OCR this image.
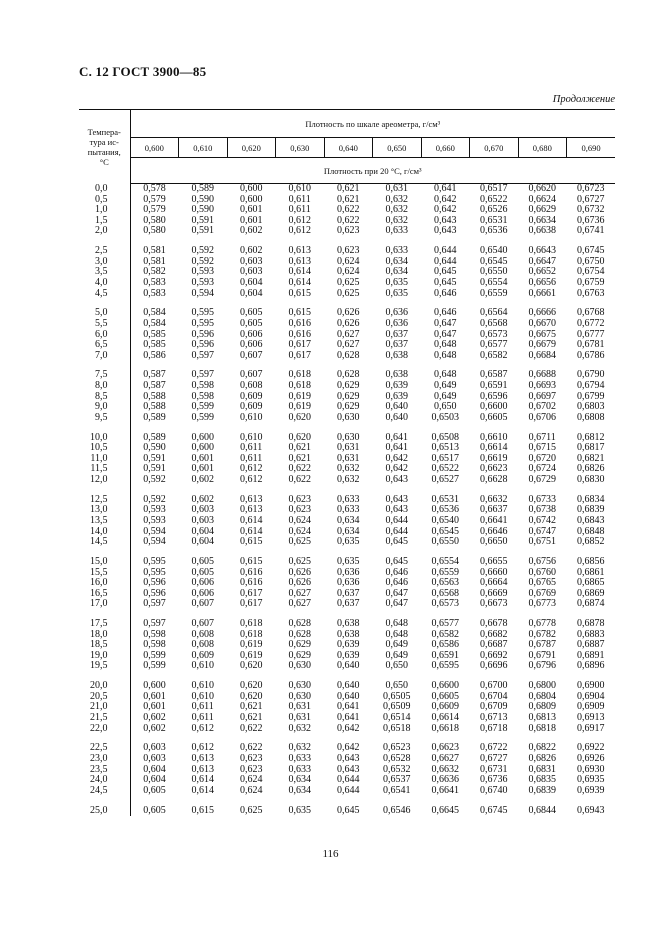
С. 12 ГОСТ 3900—85
Продолжение
Темпера-
тура ис-
пытания,
°С	Плотность по шкале ареометра, г/см³									
	0,600	0,610	0,620	0,630	0,640	0,650	0,660	0,670	0,680	0,690
	Плотность при 20 °С, г/см³									
0,0	0,578	0,589	0,600	0,610	0,621	0,631	0,641	0,6517	0,6620	0,6723
0,5	0,579	0,590	0,600	0,611	0,621	0,632	0,642	0,6522	0,6624	0,6727
1,0	0,579	0,590	0,601	0,611	0,622	0,632	0,642	0,6526	0,6629	0,6732
1,5	0,580	0,591	0,601	0,612	0,622	0,632	0,643	0,6531	0,6634	0,6736
2,0	0,580	0,591	0,602	0,612	0,623	0,633	0,643	0,6536	0,6638	0,6741

2,5	0,581	0,592	0,602	0,613	0,623	0,633	0,644	0,6540	0,6643	0,6745
3,0	0,581	0,592	0,603	0,613	0,624	0,634	0,644	0,6545	0,6647	0,6750
3,5	0,582	0,593	0,603	0,614	0,624	0,634	0,645	0,6550	0,6652	0,6754
4,0	0,583	0,593	0,604	0,614	0,625	0,635	0,645	0,6554	0,6656	0,6759
4,5	0,583	0,594	0,604	0,615	0,625	0,635	0,646	0,6559	0,6661	0,6763

5,0	0,584	0,595	0,605	0,615	0,626	0,636	0,646	0,6564	0,6666	0,6768
5,5	0,584	0,595	0,605	0,616	0,626	0,636	0,647	0,6568	0,6670	0,6772
6,0	0,585	0,596	0,606	0,616	0,627	0,637	0,647	0,6573	0,6675	0,6777
6,5	0,585	0,596	0,606	0,617	0,627	0,637	0,648	0,6577	0,6679	0,6781
7,0	0,586	0,597	0,607	0,617	0,628	0,638	0,648	0,6582	0,6684	0,6786

7,5	0,587	0,597	0,607	0,618	0,628	0,638	0,648	0,6587	0,6688	0,6790
8,0	0,587	0,598	0,608	0,618	0,629	0,639	0,649	0,6591	0,6693	0,6794
8,5	0,588	0,598	0,609	0,619	0,629	0,639	0,649	0,6596	0,6697	0,6799
9,0	0,588	0,599	0,609	0,619	0,629	0,640	0,650	0,6600	0,6702	0,6803
9,5	0,589	0,599	0,610	0,620	0,630	0,640	0,6503	0,6605	0,6706	0,6808

10,0	0,589	0,600	0,610	0,620	0,630	0,641	0,6508	0,6610	0,6711	0,6812
10,5	0,590	0,600	0,611	0,621	0,631	0,641	0,6513	0,6614	0,6715	0,6817
11,0	0,591	0,601	0,611	0,621	0,631	0,642	0,6517	0,6619	0,6720	0,6821
11,5	0,591	0,601	0,612	0,622	0,632	0,642	0,6522	0,6623	0,6724	0,6826
12,0	0,592	0,602	0,612	0,622	0,632	0,643	0,6527	0,6628	0,6729	0,6830

12,5	0,592	0,602	0,613	0,623	0,633	0,643	0,6531	0,6632	0,6733	0,6834
13,0	0,593	0,603	0,613	0,623	0,633	0,643	0,6536	0,6637	0,6738	0,6839
13,5	0,593	0,603	0,614	0,624	0,634	0,644	0,6540	0,6641	0,6742	0,6843
14,0	0,594	0,604	0,614	0,624	0,634	0,644	0,6545	0,6646	0,6747	0,6848
14,5	0,594	0,604	0,615	0,625	0,635	0,645	0,6550	0,6650	0,6751	0,6852

15,0	0,595	0,605	0,615	0,625	0,635	0,645	0,6554	0,6655	0,6756	0,6856
15,5	0,595	0,605	0,616	0,626	0,636	0,646	0,6559	0,6660	0,6760	0,6861
16,0	0,596	0,606	0,616	0,626	0,636	0,646	0,6563	0,6664	0,6765	0,6865
16,5	0,596	0,606	0,617	0,627	0,637	0,647	0,6568	0,6669	0,6769	0,6869
17,0	0,597	0,607	0,617	0,627	0,637	0,647	0,6573	0,6673	0,6773	0,6874

17,5	0,597	0,607	0,618	0,628	0,638	0,648	0,6577	0,6678	0,6778	0,6878
18,0	0,598	0,608	0,618	0,628	0,638	0,648	0,6582	0,6682	0,6782	0,6883
18,5	0,598	0,608	0,619	0,629	0,639	0,649	0,6586	0,6687	0,6787	0,6887
19,0	0,599	0,609	0,619	0,629	0,639	0,649	0,6591	0,6692	0,6791	0,6891
19,5	0,599	0,610	0,620	0,630	0,640	0,650	0,6595	0,6696	0,6796	0,6896

20,0	0,600	0,610	0,620	0,630	0,640	0,650	0,6600	0,6700	0,6800	0,6900
20,5	0,601	0,610	0,620	0,630	0,640	0,6505	0,6605	0,6704	0,6804	0,6904
21,0	0,601	0,611	0,621	0,631	0,641	0,6509	0,6609	0,6709	0,6809	0,6909
21,5	0,602	0,611	0,621	0,631	0,641	0,6514	0,6614	0,6713	0,6813	0,6913
22,0	0,602	0,612	0,622	0,632	0,642	0,6518	0,6618	0,6718	0,6818	0,6917

22,5	0,603	0,612	0,622	0,632	0,642	0,6523	0,6623	0,6722	0,6822	0,6922
23,0	0,603	0,613	0,623	0,633	0,643	0,6528	0,6627	0,6727	0,6826	0,6926
23,5	0,604	0,613	0,623	0,633	0,643	0,6532	0,6632	0,6731	0,6831	0,6930
24,0	0,604	0,614	0,624	0,634	0,644	0,6537	0,6636	0,6736	0,6835	0,6935
24,5	0,605	0,614	0,624	0,634	0,644	0,6541	0,6641	0,6740	0,6839	0,6939

25,0	0,605	0,615	0,625	0,635	0,645	0,6546	0,6645	0,6745	0,6844	0,6943
116
